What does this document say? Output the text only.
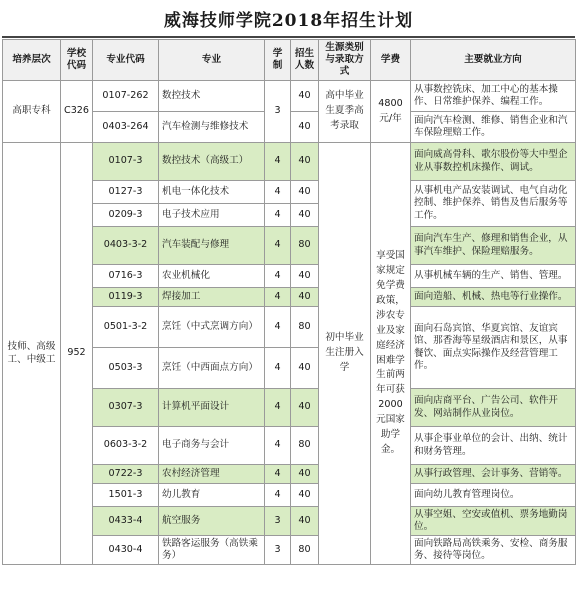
威海技师学院2018年招生计划
培养层次	学校代码	专业代码	专业	学制	招生人数	生源类别与录取方式	学费	主要就业方向
高职专科	C326	0107-262	数控技术	3	40	高中毕业生夏季高考录取	4800元/年	从事数控铣床、加工中心的基本操作、日常维护保养、编程工作。
		0403-264	汽车检测与维修技术		40			面向汽车检测、维修、销售企业和汽车保险理赔工作。
技师、高级工、中级工	952	0107-3	数控技术（高级工）	4	40	初中毕业生注册入学	享受国家规定免学费政策，涉农专业及家庭经济困难学生前两年可获2000元国家助学金。	面向威高骨科、歌尔股份等大中型企业从事数控机床操作、调试。
		0127-3	机电一体化技术	4	40			从事机电产品安装调试、电气自动化控制、维护保养、销售及售后服务等工作。
		0209-3	电子技术应用	4	40			
		0403-3-2	汽车装配与修理	4	80			面向汽车生产、修理和销售企业，从事汽车维护、保险理赔服务。
		0716-3	农业机械化	4	40			从事机械车辆的生产、销售、管理。
		0119-3	焊接加工	4	40			面向造船、机械、热电等行业操作。
		0501-3-2	烹饪（中式烹调方向）	4	80			面向石岛宾馆、华夏宾馆、友谊宾馆、那香海等星级酒店和景区，从事餐饮、面点实际操作及经营管理工作。
		0503-3	烹饪（中西面点方向）	4	40			
		0307-3	计算机平面设计	4	40			面向店商平台、广告公司、软件开发、网站制作从业岗位。
		0603-3-2	电子商务与会计	4	80			从事企事业单位的会计、出纳、统计和财务管理。
		0722-3	农村经济管理	4	40			从事行政管理、会计事务、营销等。
		1501-3	幼儿教育	4	40			面向幼儿教育管理岗位。
		0433-4	航空服务	3	40			从事空姐、空安或值机、票务地勤岗位。
		0430-4	铁路客运服务（高铁乘务）	3	80			面向铁路局高铁乘务、安检、商务服务、接待等岗位。
